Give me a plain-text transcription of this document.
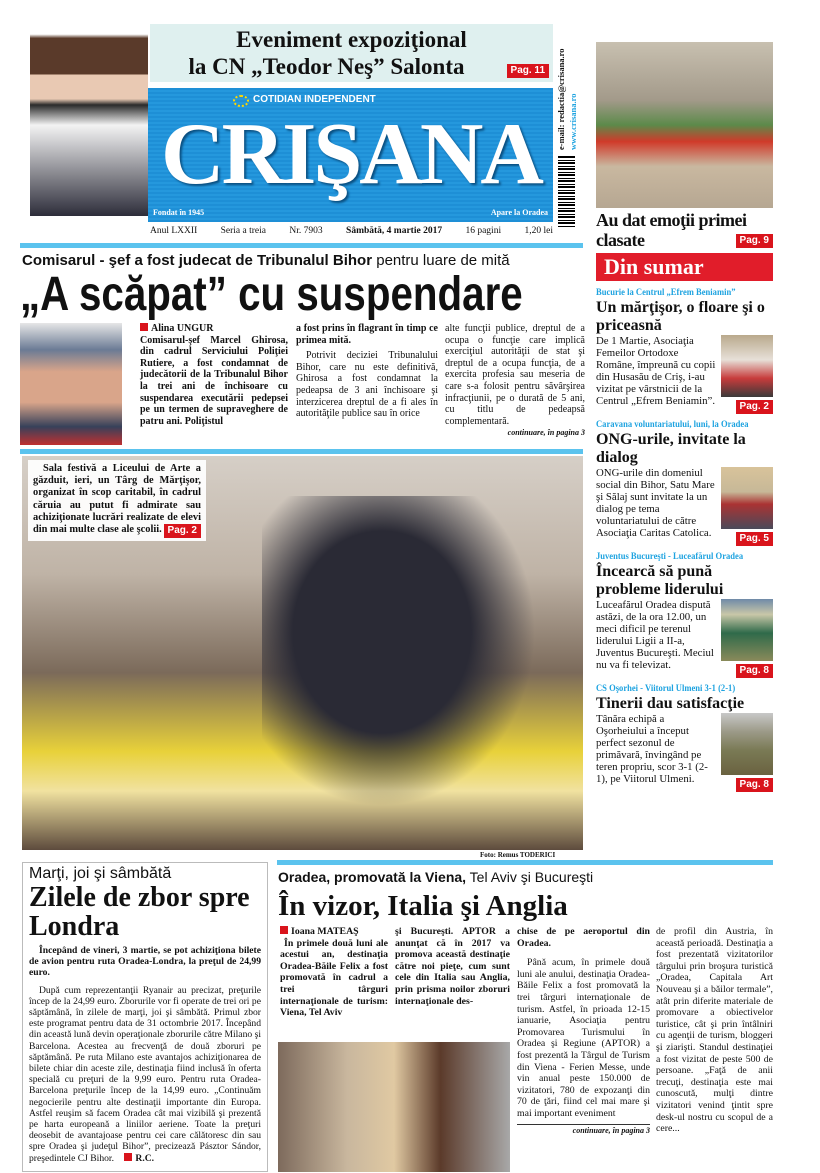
Eveniment expoziţional
la CN „Teodor Neş” Salonta	Pag. 11
COTIDIAN INDEPENDENT
CRIŞANA
Fondat în 1945	Apare la Oradea
e-mail: redactia@crisana.ro www.crisana.ro
Anul LXXII Seria a treia Nr. 7903 Sâmbătă, 4 martie 2017 16 pagini 1,20 lei
Au dat emoţii primei clasate	Pag. 9
Din sumar
Bucurie la Centrul „Efrem Beniamin”
Un mărţişor, o floare şi o priceasnă
De 1 Martie, Asociaţia Femeilor Ortodoxe Române, împreună cu copii din Husasău de Criş, i-au vizitat pe vârstnicii de la Centrul „Efrem Beniamin”.	Pag. 2
Caravana voluntariatului, luni, la Oradea
ONG-urile, invitate la dialog
ONG-urile din domeniul social din Bihor, Satu Mare şi Sălaj sunt invitate la un dialog pe tema voluntariatului de către Asociaţia Caritas Catolica.	Pag. 5
Juventus Bucureşti - Luceafărul Oradea
Încearcă să pună probleme liderului
Luceafărul Oradea dispută astăzi, de la ora 12.00, un meci dificil pe terenul liderului Ligii a II-a, Juventus Bucureşti. Meciul nu va fi televizat.	Pag. 8
CS Oşorhei - Viitorul Ulmeni 3-1 (2-1)
Tinerii dau satisfacţie
Tânăra echipă a Oşorheiului a început perfect sezonul de primăvară, învingând pe teren propriu, scor 3-1 (2-1), pe Viitorul Ulmeni.	Pag. 8
Comisarul - şef a fost judecat de Tribunalul Bihor pentru luare de mită
„A scăpat” cu suspendare
Alina UNGUR
Comisarul-şef Marcel Ghirosa, din cadrul Serviciului Poliţiei Rutiere, a fost condamnat de judecătorii de la Tribunalul Bihor la trei ani de închisoare cu suspendarea executării pedepsei pe un termen de supraveghere de patru ani. Poliţistul
a fost prins în flagrant în timp ce primea mită.
Potrivit deciziei Tribunalului Bihor, care nu este definitivă, Ghirosa a fost condamnat la pedeapsa de 3 ani închisoare şi interzicerea dreptul de a fi ales în autorităţile publice sau în orice
alte funcţii publice, dreptul de a ocupa o funcţie care implică exerciţiul autorităţii de stat şi dreptul de a ocupa funcţia, de a exercita profesia sau meseria de care s-a folosit pentru săvârşirea infracţiunii, pe o durată de 5 ani, cu titlu de pedeapsă complementară.
continuare, în pagina 3
Sala festivă a Liceului de Arte a găzduit, ieri, un Târg de Mărţişor, organizat în scop caritabil, în cadrul căruia au putut fi admirate sau achiziţionate lucrări realizate de elevi din mai multe clase ale şcolii. Pag. 2
Foto: Remus TODERICI
Marţi, joi şi sâmbătă
Zilele de zbor spre Londra
Începând de vineri, 3 martie, se pot achiziţiona bilete de avion pentru ruta Oradea-Londra, la preţul de 24,99 euro.
După cum reprezentanţii Ryanair au precizat, preţurile încep de la 24,99 euro. Zborurile vor fi operate de trei ori pe săptămână, în zilele de marţi, joi şi sâmbătă. Primul zbor este programat pentru data de 31 octombrie 2017. Începând din această lună devin operaţionale zborurile către Milano şi Barcelona. Acestea au frecvenţă de două zboruri pe săptămână. Pe ruta Milano este avantajos achiziţionarea de bilete chiar din aceste zile, destinaţia fiind inclusă în oferta specială cu preţuri de la 9,99 euro. Pentru ruta Oradea-Barcelona preţurile încep de la 14,99 euro. „Continuăm negocierile pentru alte destinaţii importante din Europa. Astfel reuşim să facem Oradea cât mai vizibilă şi prezentă pe harta europeană a liniilor aeriene. Toate la preţuri deosebit de avantajoase pentru cei care călătoresc din sau spre Oradea şi judeţul Bihor”, precizează Pásztor Sándor, preşedintele CJ Bihor. R.C.
Oradea, promovată la Viena, Tel Aviv şi Bucureşti
În vizor, Italia şi Anglia
Ioana MATEAŞ
În primele două luni ale acestui an, destinaţia Oradea-Băile Felix a fost promovată în cadrul a trei târguri internaţionale de turism: Viena, Tel Aviv
şi Bucureşti. APTOR a anunţat că în 2017 va promova această destinaţie către noi pieţe, cum sunt cele din Italia sau Anglia, prin prisma noilor zboruri internaţionale des-
chise de pe aeroportul din Oradea.
Până acum, în primele două luni ale anului, destinaţia Oradea-Băile Felix a fost promovată la trei târguri internaţionale de turism. Astfel, în prioada 12-15 ianuarie, Asociaţia pentru Promovarea Turismului în Oradea şi Regiune (APTOR) a fost prezentă la Târgul de Turism din Viena - Ferien Messe, unde vin anual peste 150.000 de vizitatori, 780 de expozanţi din 70 de ţări, fiind cel mai mare şi mai important eveniment
continuare, în pagina 3
de profil din Austria, în această perioadă. Destinaţia a fost prezentată vizitatorilor târgului prin broşura turistică „Oradea, Capitala Art Nouveau şi a băilor termale”, atât prin diferite materiale de promovare a obiectivelor turistice, cât şi prin întâlniri cu agenţii de turism, bloggeri şi ziarişti. Standul destinaţiei a fost vizitat de peste 500 de persoane. „Faţă de anii trecuţi, destinaţia este mai cunoscută, mulţi dintre vizitatori venind ţintit spre desk-ul nostru cu scopul de a cere...
